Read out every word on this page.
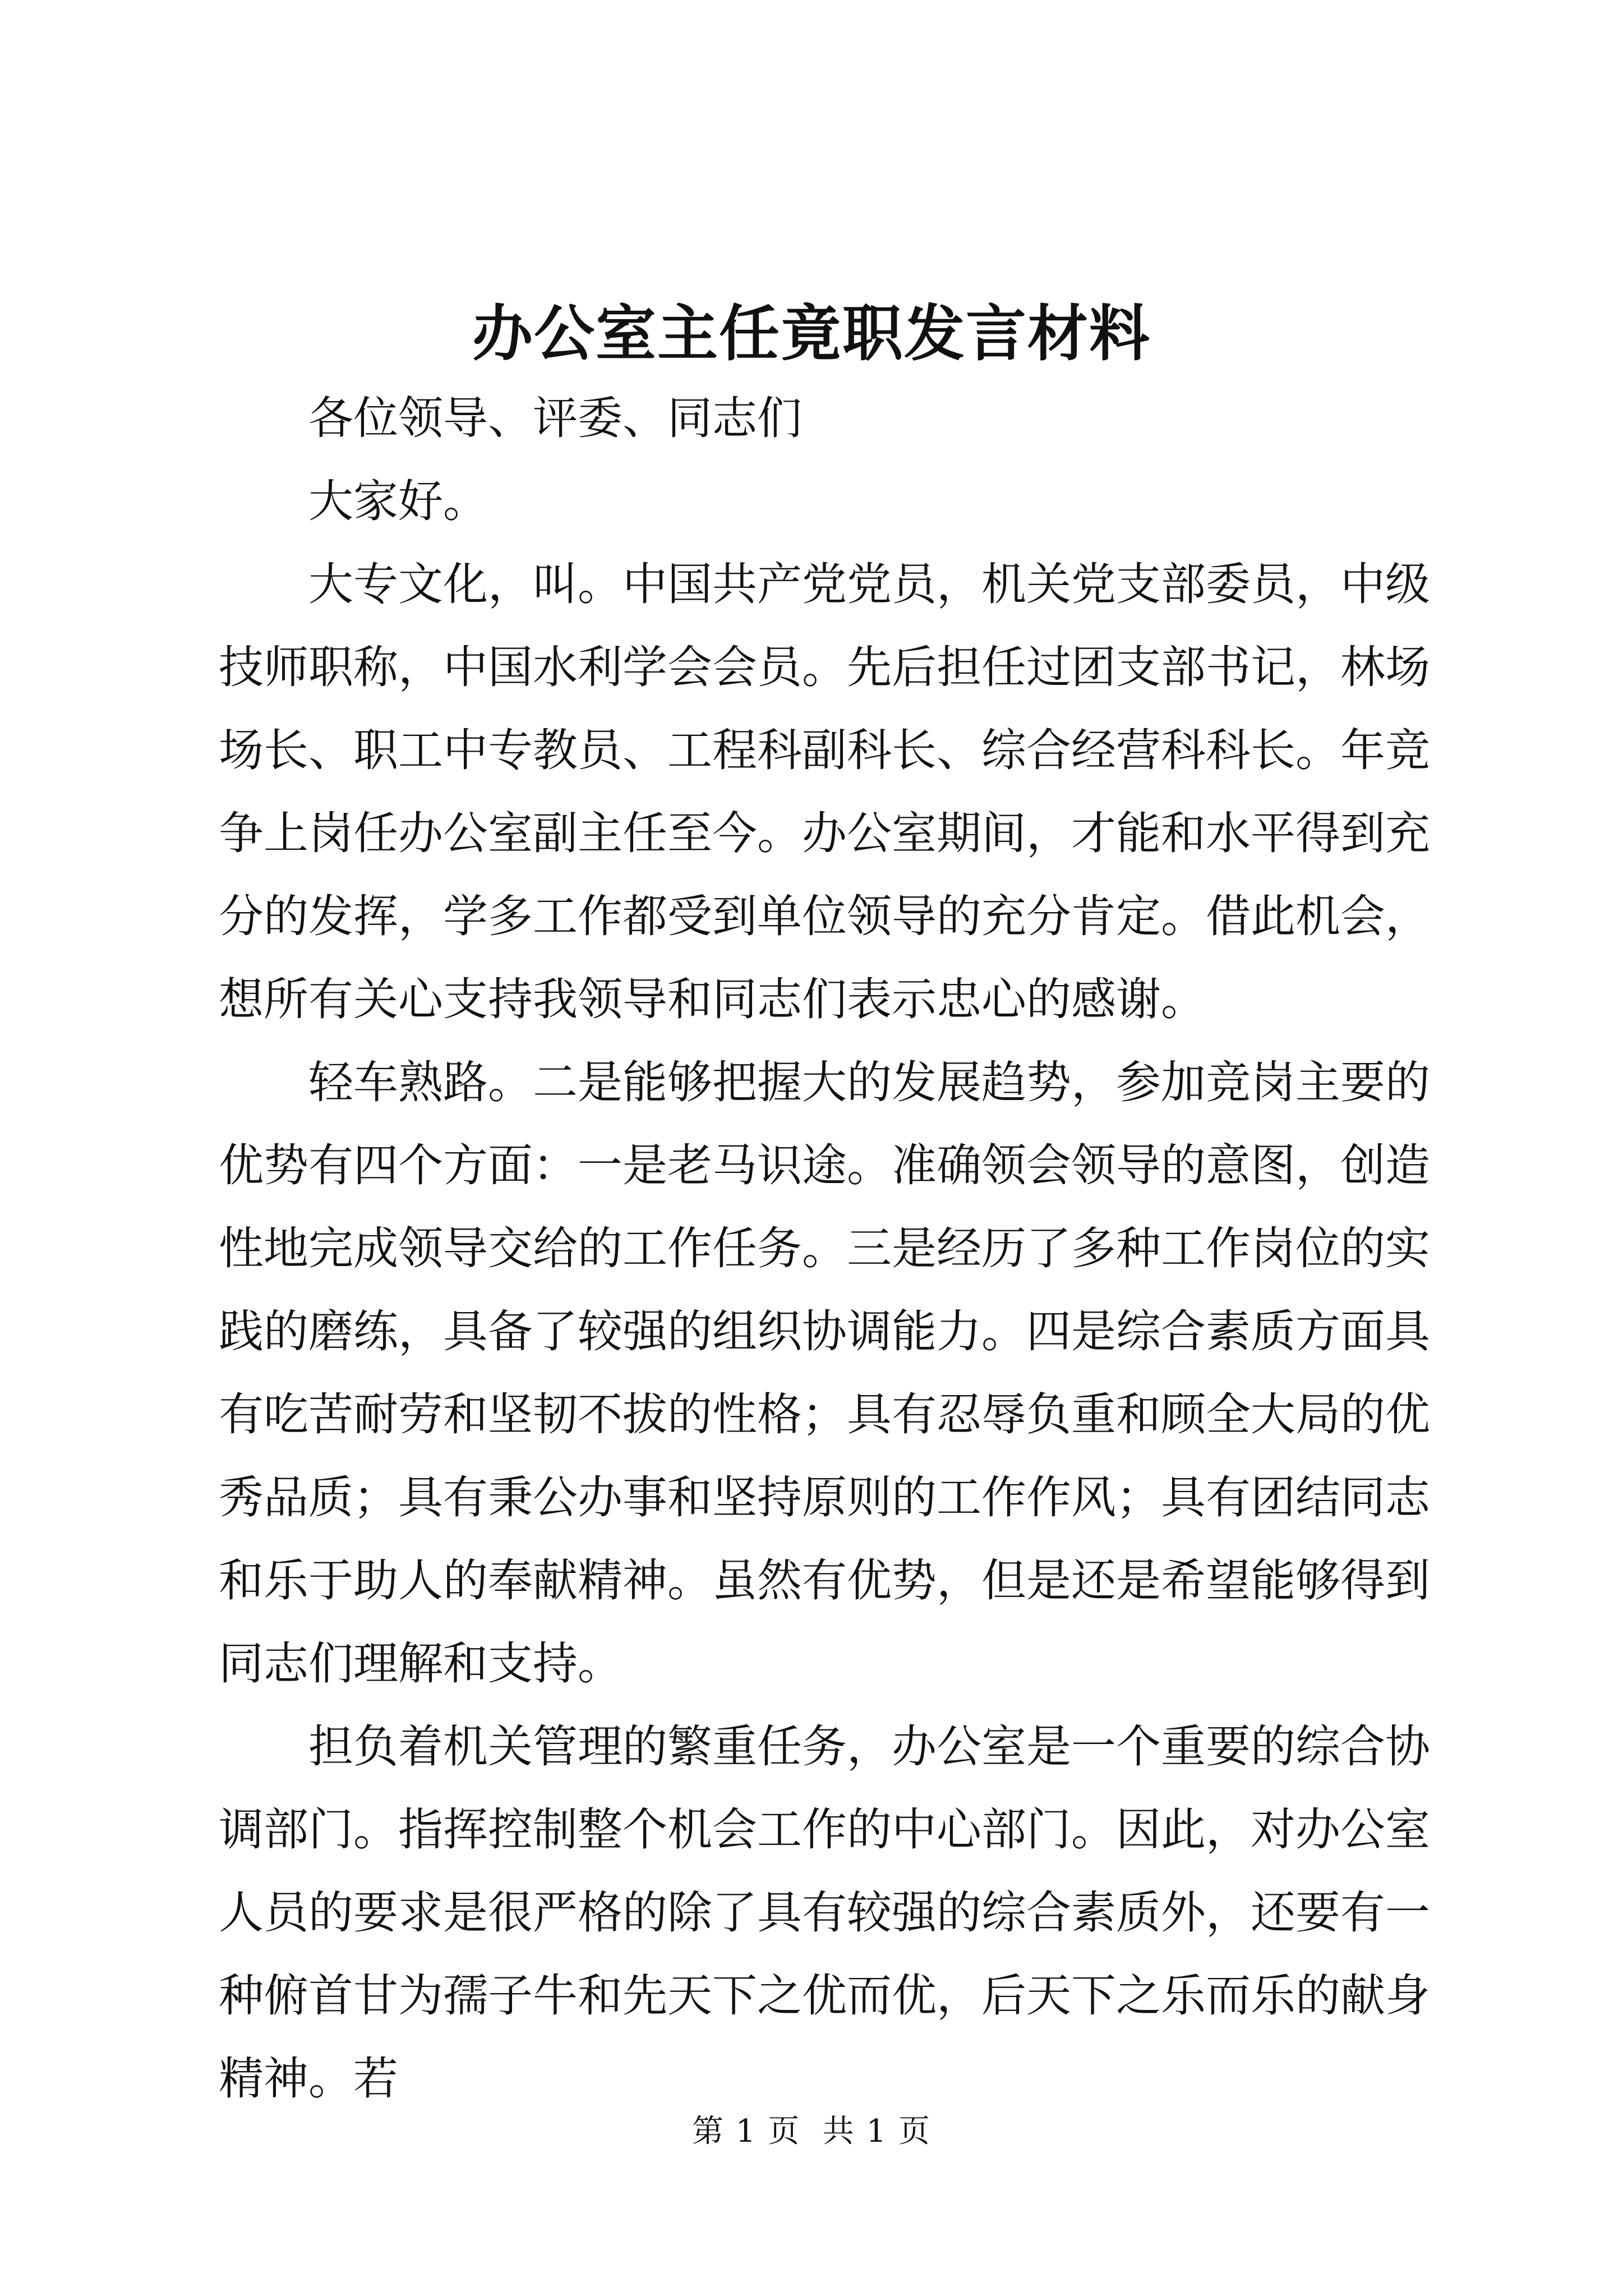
办公室主任竟职发言材料

各位领导、评委、同志们

大家好。

大专文化，叫。中国共产党党员，机关党支部委员，中级技师职称，中国水利学会会员。先后担任过团支部书记，林场场长、职工中专教员、工程科副科长、综合经营科科长。年竞争上岗任办公室副主任至今。办公室期间，才能和水平得到充分的发挥，学多工作都受到单位领导的充分肯定。借此机会，想所有关心支持我领导和同志们表示忠心的感谢。

轻车熟路。二是能够把握大的发展趋势，参加竞岗主要的优势有四个方面：一是老马识途。准确领会领导的意图，创造性地完成领导交给的工作任务。三是经历了多种工作岗位的实践的磨练，具备了较强的组织协调能力。四是综合素质方面具有吃苦耐劳和坚韧不拔的性格；具有忍辱负重和顾全大局的优秀品质；具有秉公办事和坚持原则的工作作风；具有团结同志和乐于助人的奉献精神。虽然有优势，但是还是希望能够得到同志们理解和支持。

担负着机关管理的繁重任务，办公室是一个重要的综合协调部门。指挥控制整个机会工作的中心部门。因此，对办公室人员的要求是很严格的除了具有较强的综合素质外，还要有一种俯首甘为孺子牛和先天下之优而优，后天下之乐而乐的献身精神。若

第 1 页  共 1 页
